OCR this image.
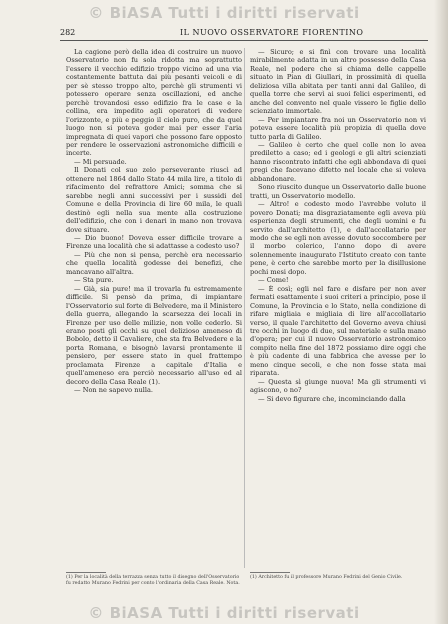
© BiASA Tutti i diritti riservati
282	IL NUOVO OSSERVATORE FIORENTINO

La cagione però della idea di costruire un nuovo Osservatorio non fu sola ridotta ma soprattutto l'essere il vecchio edifizio troppo vicino ad una via costantemente battuta dai più pesanti veicoli e di per sè stesso troppo alto, perchè gli strumenti vi potessero operare senza oscillazioni, ed anche perchè trovandosi esso edifizio fra le case e la collina, era impedito agli operatori di vedere l'orizzonte, e più e peggio il cielo puro, che da quel luogo non si poteva goder mai per esser l'aria impregnata di quei vapori che possono fare opposto per rendere le osservazioni astronomiche difficili e incerte.

— Mi persuade.

Il Donati col suo zelo perseverante riuscì ad ottenere nel 1864 dallo Stato 44 mila lire, a titolo di rifacimento del refrattore Amici; somma che si sarebbe negli anni successivi per i sussidi del Comune e della Provincia di lire 60 mila, le quali destinò egli nella sua mente alla costruzione dell'edifizio, che con i denari in mano non trovava dove situare.

— Dio buono! Doveva esser difficile trovare a Firenze una località che si adattasse a codesto uso?

— Più che non si pensa, perchè era necessario che quella località godesse dei benefizi, che mancavano all'altra.

— Sta pure.

— Già, sia pure! ma il trovarla fu estremamente difficile. Si pensò da prima, di impiantare l'Osservatorio sul forte di Belvedere, ma il Ministero della guerra, allegando la scarsezza dei locali in Firenze per uso delle milizie, non volle cederlo. Si erano posti gli occhi su quel delizioso ameneso di Bobolo, detto il Cavaliere, che sta fra Belvedere e la porta Romana, e bisognò lavarsi prontamente il pensiero, per essere stato in quel frattempo proclamata Firenze a capitale d'Italia e quell'ameneso era perciò necessario all'uso ed al decoro della Casa Reale (1).

— Non ne sapevo nulla.

— Sicuro; e si finì con trovare una località mirabilmente adatta in un altro possesso della Casa Reale, nel podere che si chiama delle cappelle situato in Pian di Giullari, in prossimità di quella deliziosa villa abitata per tanti anni dal Galileo, di quella torre che servì ai suoi felici esperimenti, ed anche del convento nel quale vissero le figlie dello scienziato immortale.

— Per impiantare fra noi un Osservatorio non vi poteva essere località più propizia di quella dove tutto parla di Galileo.

— Galileo è certo che quel colle non lo avea prediletto a caso; ed i geologi e gli altri scienziati hanno riscontrato infatti che egli abbondava di quei pregi che facevano difetto nel locale che si voleva abbandonare.

Sono riuscito dunque un Osservatorio dalle buone tratti, un Osservatorio modello.

— Altro! e codesto modo l'avrebbe voluto il povero Donati; ma disgraziatamente egli aveva più esperienza degli strumenti, che degli uomini e fu servito dall'architetto (1), e dall'accollatario per modo che se egli non avesse dovuto soccombere per il morbo colerico, l'anno dopo di avere solennemente inaugurato l'Istituto creato con tante pene, è certo che sarebbe morto per la disillusione pochi mesi dopo.

— Come!

— È così; egli nel fare e disfare per non aver fermati esattamente i suoi criteri a principio, pose il Comune, la Provincia e lo Stato, nella condizione di rifare migliaia e migliaia di lire all'accollatario verso, il quale l'architetto del Governo aveva chiusi tre occhi in luogo di due, sul materiale e sulla mano d'opera; per cui il nuovo Osservatorio astronomico compito nella fine del 1872 possiamo dire oggi che è più cadente di una fabbrica che avesse per lo meno cinque secoli, e che non fosse stata mai riparata.

— Questa sì giunge nuova! Ma gli strumenti vi agiscono, o no?

— Si devo figurare che, incominciando dalla

(1) Per la località della terrazza senza tutto il disegno dell'Osservatorio fu redatto Murano Fedrini per conto l'ordinaria della Casa Reale. Nota.
(1) Architetto fu il professore Murano Fedrini del Genio Civile.
© BiASA Tutti i diritti riservati
